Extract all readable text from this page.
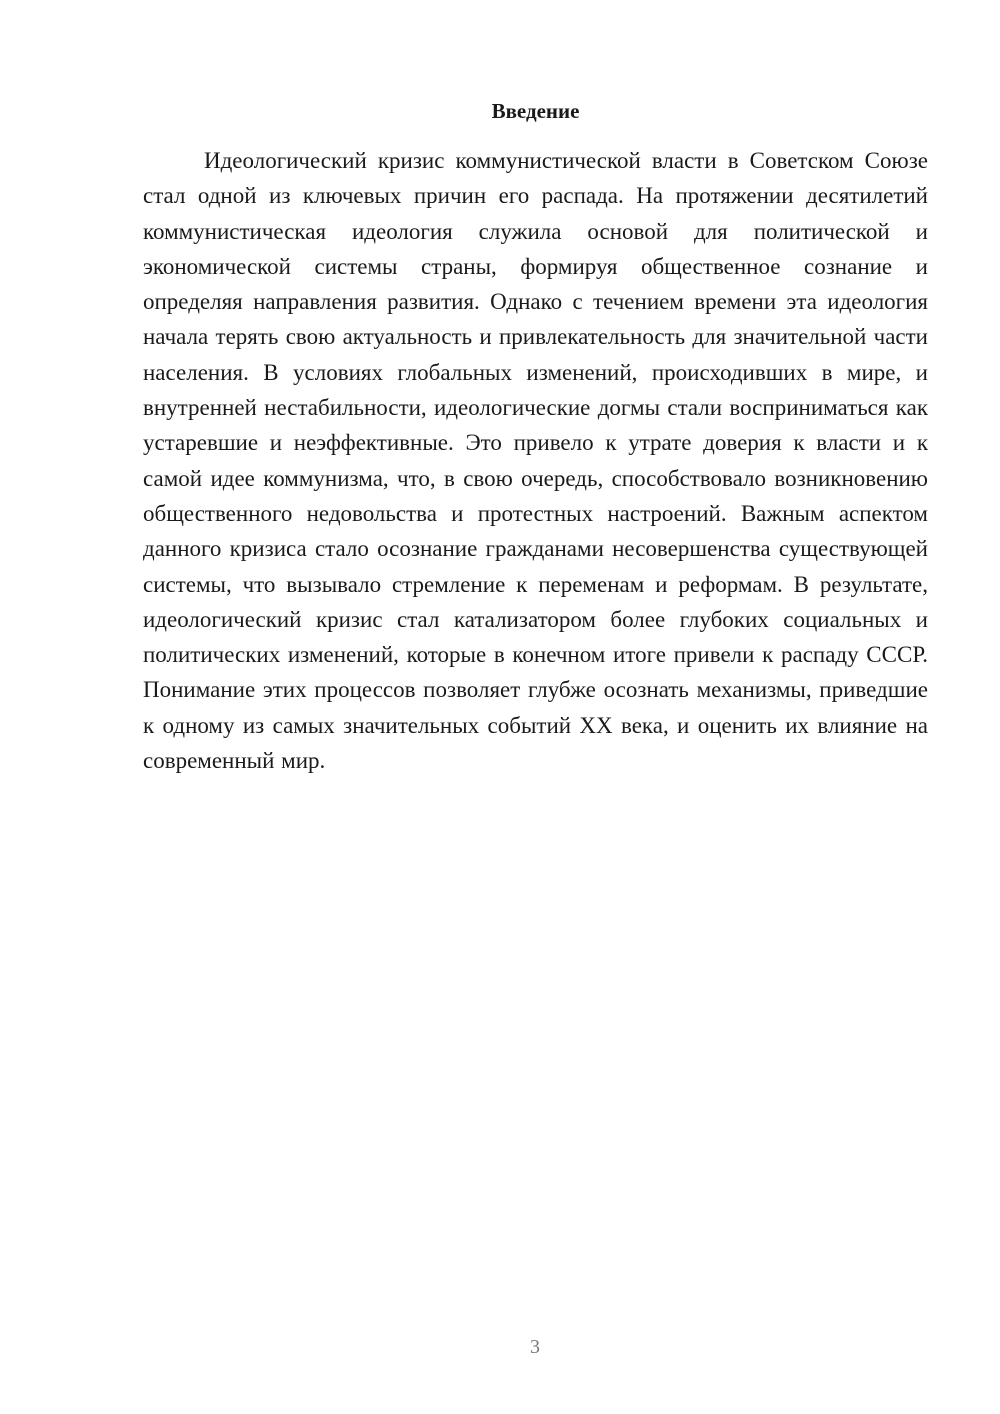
Введение

Идеологический кризис коммунистической власти в Советском Союзе стал одной из ключевых причин его распада. На протяжении десятилетий коммунистическая идеология служила основой для политической и экономической системы страны, формируя общественное сознание и определяя направления развития. Однако с течением времени эта идеология начала терять свою актуальность и привлекательность для значительной части населения. В условиях глобальных изменений, происходивших в мире, и внутренней нестабильности, идеологические догмы стали восприниматься как устаревшие и неэффективные. Это привело к утрате доверия к власти и к самой идее коммунизма, что, в свою очередь, способствовало возникновению общественного недовольства и протестных настроений. Важным аспектом данного кризиса стало осознание гражданами несовершенства существующей системы, что вызывало стремление к переменам и реформам. В результате, идеологический кризис стал катализатором более глубоких социальных и политических изменений, которые в конечном итоге привели к распаду СССР. Понимание этих процессов позволяет глубже осознать механизмы, приведшие к одному из самых значительных событий XX века, и оценить их влияние на современный мир.

3
